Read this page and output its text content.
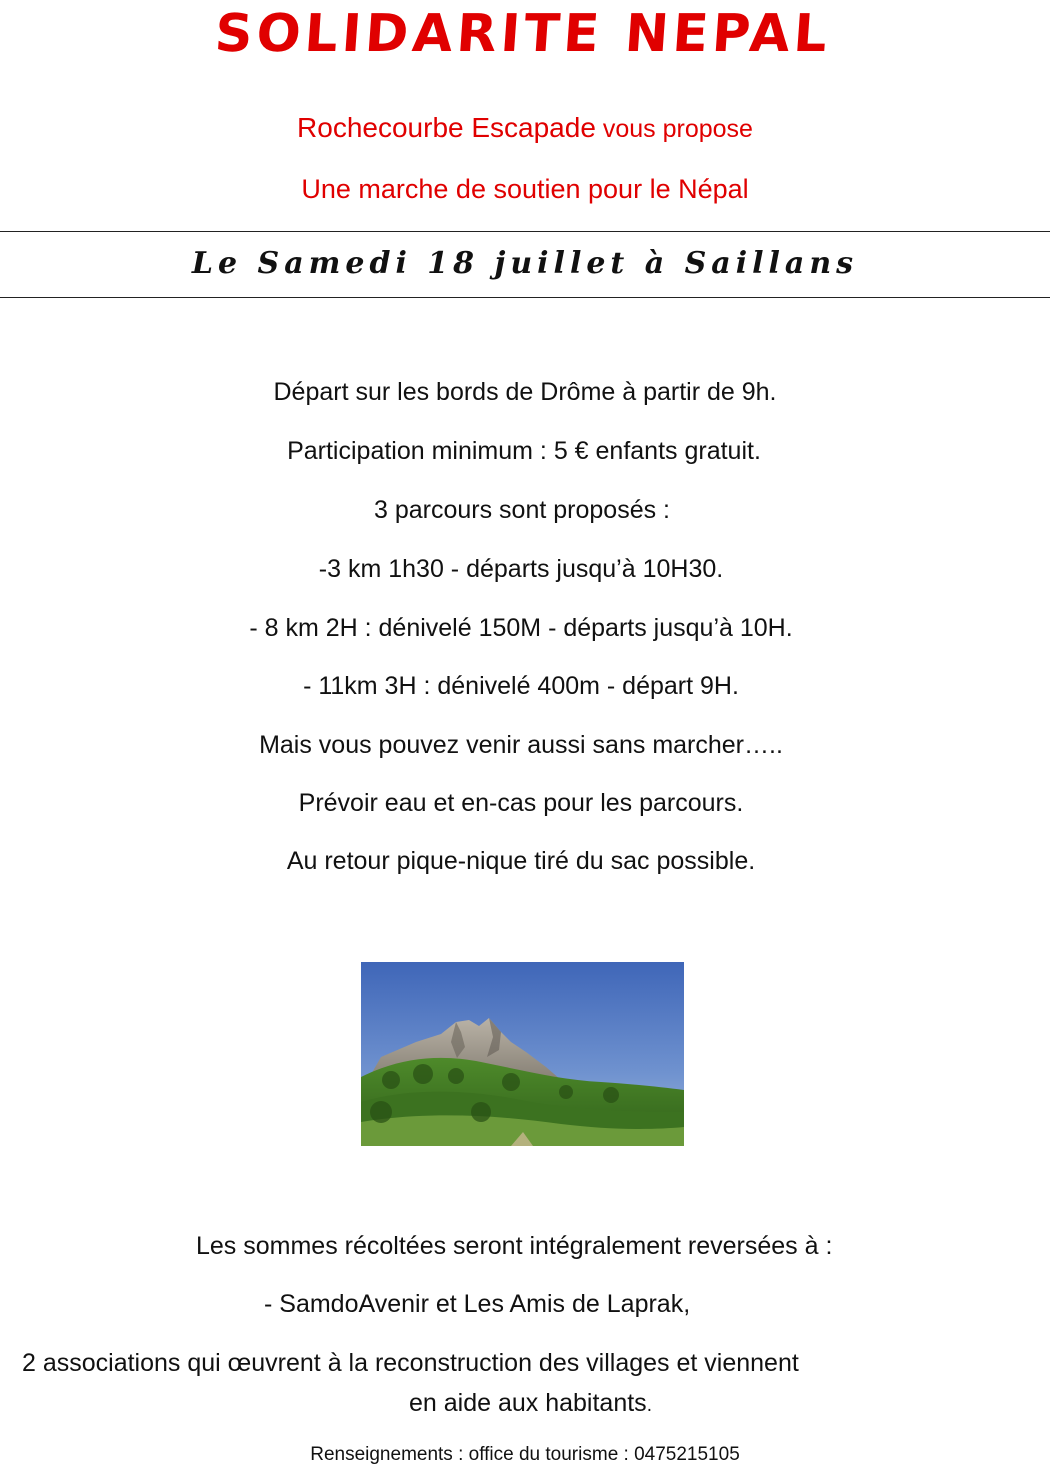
SOLIDARITE NEPAL
Rochecourbe Escapade vous propose
Une marche de soutien pour le Népal
Le Samedi 18 juillet à Saillans
Départ sur les bords de Drôme à partir de 9h.
Participation minimum : 5 € enfants gratuit.
3 parcours sont proposés :
-3 km 1h30 - départs jusqu’à 10H30.
- 8 km 2H : dénivelé 150M - départs jusqu’à 10H.
- 11km 3H : dénivelé 400m - départ 9H.
Mais vous pouvez venir aussi sans marcher…..
Prévoir eau et en-cas pour les parcours.
Au retour pique-nique tiré du sac possible.
Les sommes récoltées seront intégralement reversées à :
- SamdoAvenir et Les Amis de Laprak,
2 associations qui œuvrent à la reconstruction des villages et viennent
en aide aux habitants.
Renseignements : office du tourisme : 0475215105
